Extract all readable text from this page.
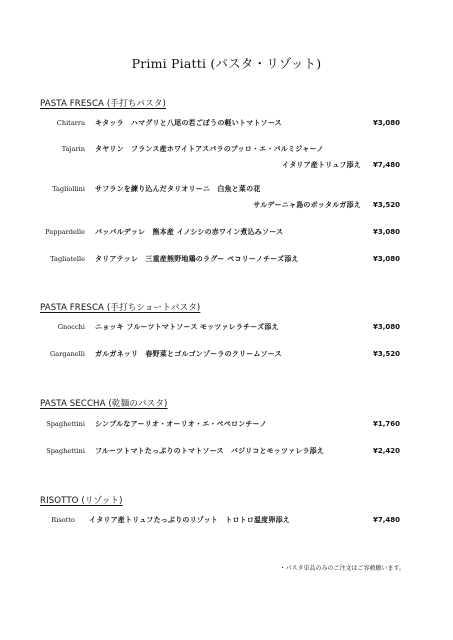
Primi Piatti (パスタ・リゾット)
PASTA FRESCA (手打ちパスタ)
Chitarra キタッラ　ハマグリと八尾の若ごぼうの軽いトマトソース	¥3,080
Tajarin タヤリン　フランス産ホワイトアスパラのブッロ・エ・パルミジャーノ
イタリア産トリュフ添え ¥7,480
Tagliollini サフランを練り込んだタリオリーニ　白魚と菜の花
サルデーニャ島のボッタルガ添え ¥3,520
Pappardelle パッパルデッレ　熊本産 イノシシの赤ワイン煮込みソース	¥3,080
Tagliatelle タリアテッレ　三重産熊野地鶏のラグー ペコリーノチーズ添え	¥3,080
PASTA FRESCA (手打ちショートパスタ)
Gnocchi ニョッキ フルーツトマトソース モッツァレラチーズ添え	¥3,080
Garganelli ガルガネッリ　春野菜とゴルゴンゾーラのクリームソース	¥3,520
PASTA SECCHA (乾麺のパスタ)
Spaghettini シンプルなアーリオ・オーリオ・エ・ペペロンチーノ	¥1,760
Spaghettini フルーツトマトたっぷりのトマトソース　バジリコとモッツァレラ添え	¥2,420
RISOTTO (リゾット)
Risotto イタリア産トリュフたっぷりのリゾット　トロトロ温度卵添え	¥7,480
・パスタ単品のみのご注文はご容赦願います。
